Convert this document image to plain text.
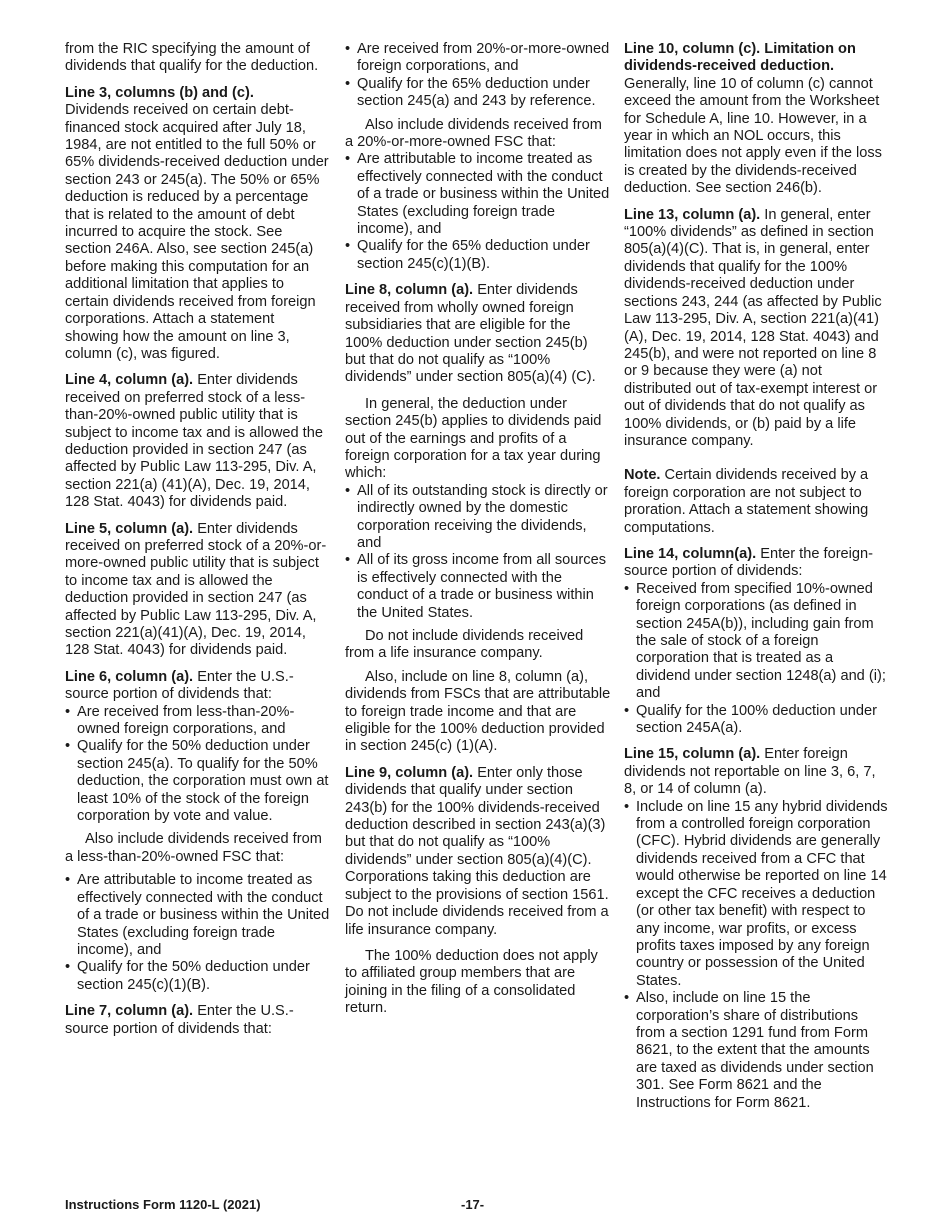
from the RIC specifying the amount of dividends that qualify for the deduction.
Line 3, columns (b) and (c).
Dividends received on certain debt-financed stock acquired after July 18, 1984, are not entitled to the full 50% or 65% dividends-received deduction under section 243 or 245(a). The 50% or 65% deduction is reduced by a percentage that is related to the amount of debt incurred to acquire the stock. See section 246A. Also, see section 245(a) before making this computation for an additional limitation that applies to certain dividends received from foreign corporations. Attach a statement showing how the amount on line 3, column (c), was figured.
Line 4, column (a). Enter dividends received on preferred stock of a less-than-20%-owned public utility that is subject to income tax and is allowed the deduction provided in section 247 (as affected by Public Law 113-295, Div. A, section 221(a) (41)(A), Dec. 19, 2014, 128 Stat. 4043) for dividends paid.
Line 5, column (a). Enter dividends received on preferred stock of a 20%-or-more-owned public utility that is subject to income tax and is allowed the deduction provided in section 247 (as affected by Public Law 113-295, Div. A, section 221(a)(41)(A), Dec. 19, 2014, 128 Stat. 4043) for dividends paid.
Line 6, column (a). Enter the U.S.-source portion of dividends that:
• Are received from less-than-20%-owned foreign corporations, and
• Qualify for the 50% deduction under section 245(a). To qualify for the 50% deduction, the corporation must own at least 10% of the stock of the foreign corporation by vote and value.
Also include dividends received from a less-than-20%-owned FSC that:
• Are attributable to income treated as effectively connected with the conduct of a trade or business within the United States (excluding foreign trade income), and
• Qualify for the 50% deduction under section 245(c)(1)(B).
Line 7, column (a). Enter the U.S.-source portion of dividends that:
• Are received from 20%-or-more-owned foreign corporations, and
• Qualify for the 65% deduction under section 245(a) and 243 by reference.
Also include dividends received from a 20%-or-more-owned FSC that:
• Are attributable to income treated as effectively connected with the conduct of a trade or business within the United States (excluding foreign trade income), and
• Qualify for the 65% deduction under section 245(c)(1)(B).
Line 8, column (a). Enter dividends received from wholly owned foreign subsidiaries that are eligible for the 100% deduction under section 245(b) but that do not qualify as “100% dividends” under section 805(a)(4) (C).
In general, the deduction under section 245(b) applies to dividends paid out of the earnings and profits of a foreign corporation for a tax year during which:
• All of its outstanding stock is directly or indirectly owned by the domestic corporation receiving the dividends, and
• All of its gross income from all sources is effectively connected with the conduct of a trade or business within the United States.
Do not include dividends received from a life insurance company.
Also, include on line 8, column (a), dividends from FSCs that are attributable to foreign trade income and that are eligible for the 100% deduction provided in section 245(c) (1)(A).
Line 9, column (a). Enter only those dividends that qualify under section 243(b) for the 100% dividends-received deduction described in section 243(a)(3) but that do not qualify as “100% dividends” under section 805(a)(4)(C). Corporations taking this deduction are subject to the provisions of section 1561. Do not include dividends received from a life insurance company.
The 100% deduction does not apply to affiliated group members that are joining in the filing of a consolidated return.
Line 10, column (c). Limitation on dividends-received deduction.
Generally, line 10 of column (c) cannot exceed the amount from the Worksheet for Schedule A, line 10. However, in a year in which an NOL occurs, this limitation does not apply even if the loss is created by the dividends-received deduction. See section 246(b).
Line 13, column (a). In general, enter “100% dividends” as defined in section 805(a)(4)(C). That is, in general, enter dividends that qualify for the 100% dividends-received deduction under sections 243, 244 (as affected by Public Law 113-295, Div. A, section 221(a)(41)(A), Dec. 19, 2014, 128 Stat. 4043) and 245(b), and were not reported on line 8 or 9 because they were (a) not distributed out of tax-exempt interest or out of dividends that do not qualify as 100% dividends, or (b) paid by a life insurance company.
Note. Certain dividends received by a foreign corporation are not subject to proration. Attach a statement showing computations.
Line 14, column(a). Enter the foreign-source portion of dividends:
• Received from specified 10%-owned foreign corporations (as defined in section 245A(b)), including gain from the sale of stock of a foreign corporation that is treated as a dividend under section 1248(a) and (i); and
• Qualify for the 100% deduction under section 245A(a).
Line 15, column (a). Enter foreign dividends not reportable on line 3, 6, 7, 8, or 14 of column (a).
• Include on line 15 any hybrid dividends from a controlled foreign corporation (CFC). Hybrid dividends are generally dividends received from a CFC that would otherwise be reported on line 14 except the CFC receives a deduction (or other tax benefit) with respect to any income, war profits, or excess profits taxes imposed by any foreign country or possession of the United States.
• Also, include on line 15 the corporation’s share of distributions from a section 1291 fund from Form 8621, to the extent that the amounts are taxed as dividends under section 301. See Form 8621 and the Instructions for Form 8621.
Instructions Form 1120-L (2021)	-17-
